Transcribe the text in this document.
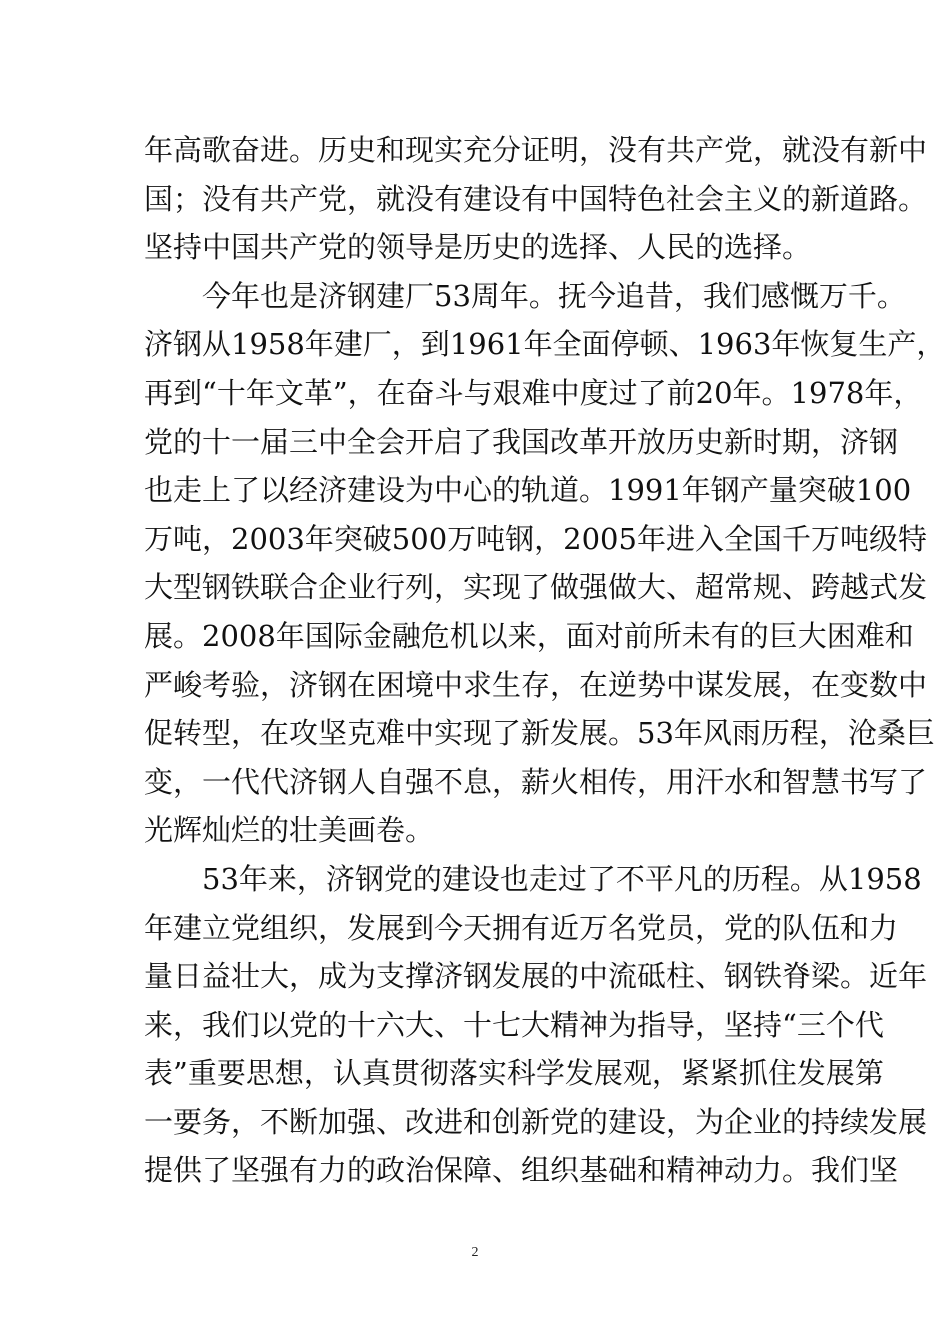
年高歌奋进。历史和现实充分证明，没有共产党，就没有新中
国；没有共产党，就没有建设有中国特色社会主义的新道路。
坚持中国共产党的领导是历史的选择、人民的选择。
今年也是济钢建厂53周年。抚今追昔，我们感慨万千。
济钢从1958年建厂，到1961年全面停顿、1963年恢复生产，
再到“十年文革”，在奋斗与艰难中度过了前20年。1978年，
党的十一届三中全会开启了我国改革开放历史新时期，济钢
也走上了以经济建设为中心的轨道。1991年钢产量突破100
万吨，2003年突破500万吨钢，2005年进入全国千万吨级特
大型钢铁联合企业行列，实现了做强做大、超常规、跨越式发
展。2008年国际金融危机以来，面对前所未有的巨大困难和
严峻考验，济钢在困境中求生存，在逆势中谋发展，在变数中
促转型，在攻坚克难中实现了新发展。53年风雨历程，沧桑巨
变，一代代济钢人自强不息，薪火相传，用汗水和智慧书写了
光辉灿烂的壮美画卷。
53年来，济钢党的建设也走过了不平凡的历程。从1958
年建立党组织，发展到今天拥有近万名党员，党的队伍和力
量日益壮大，成为支撑济钢发展的中流砥柱、钢铁脊梁。近年
来，我们以党的十六大、十七大精神为指导，坚持“三个代
表”重要思想，认真贯彻落实科学发展观，紧紧抓住发展第
一要务，不断加强、改进和创新党的建设，为企业的持续发展
提供了坚强有力的政治保障、组织基础和精神动力。我们坚
2
